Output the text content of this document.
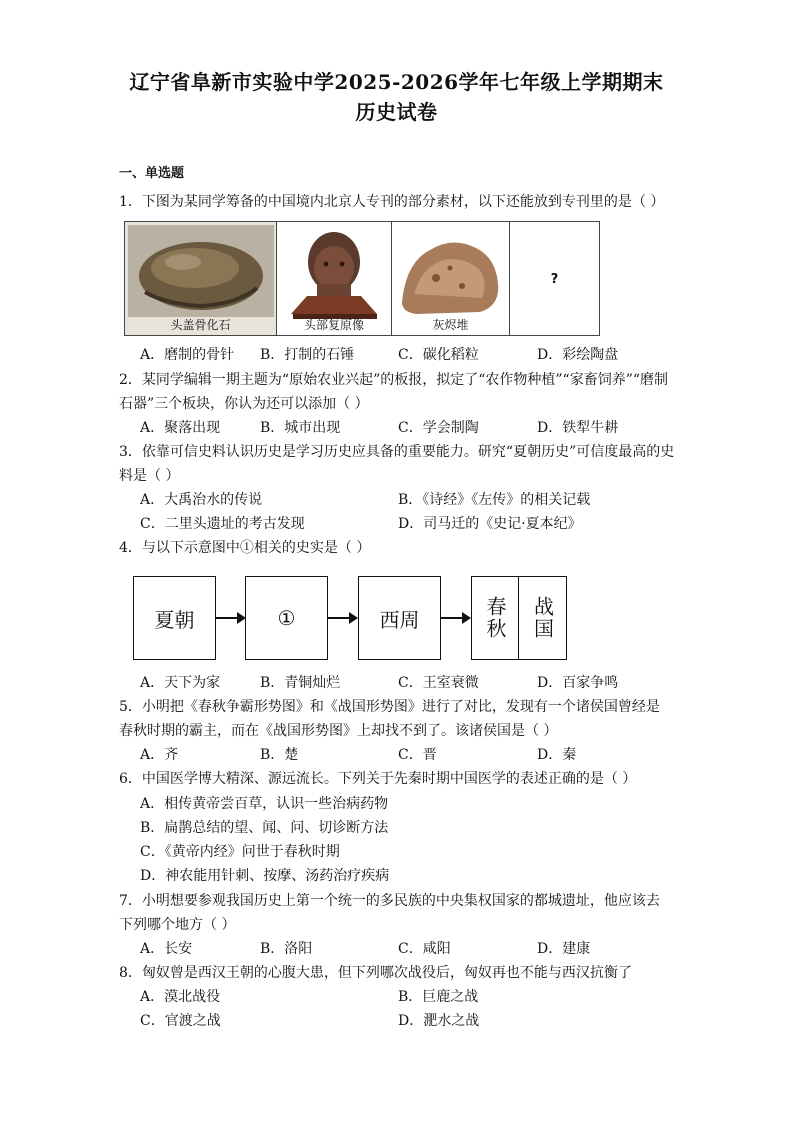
辽宁省阜新市实验中学2025-2026学年七年级上学期期末
历史试卷
一、单选题
1．下图为某同学筹备的中国境内北京人专刊的部分素材，以下还能放到专刊里的是（ ）
头盖骨化石	头部复原像	灰烬堆
?
A．磨制的骨针 B．打制的石锤	C．碳化稻粒	D．彩绘陶盘
2．某同学编辑一期主题为“原始农业兴起”的板报，拟定了“农作物种植”“家畜饲养”“磨制
石器”三个板块，你认为还可以添加（ ）
A．聚落出现	B．城市出现	C．学会制陶	D．铁犁牛耕
3．依靠可信史料认识历史是学习历史应具备的重要能力。研究“夏朝历史”可信度最高的史
料是（ ）
A．大禹治水的传说	B．《诗经》《左传》的相关记载
C．二里头遗址的考古发现	D．司马迁的《史记·夏本纪》
4．与以下示意图中①相关的史实是（ ）
夏朝	①	西周	春秋 战国
A．天下为家	B．青铜灿烂	C．王室衰微	D．百家争鸣
5．小明把《春秋争霸形势图》和《战国形势图》进行了对比，发现有一个诸侯国曾经是
春秋时期的霸主，而在《战国形势图》上却找不到了。该诸侯国是（ ）
A．齐	B．楚	C．晋	D．秦
6．中国医学博大精深、源远流长。下列关于先秦时期中国医学的表述正确的是（ ）
A．相传黄帝尝百草，认识一些治病药物
B．扁鹊总结的望、闻、问、切诊断方法
C．《黄帝内经》问世于春秋时期
D．神农能用针刺、按摩、汤药治疗疾病
7．小明想要参观我国历史上第一个统一的多民族的中央集权国家的都城遗址，他应该去
下列哪个地方（ ）
A．长安	B．洛阳	C．咸阳	D．建康
8．匈奴曾是西汉王朝的心腹大患，但下列哪次战役后，匈奴再也不能与西汉抗衡了
A．漠北战役	B．巨鹿之战
C．官渡之战	D．淝水之战
